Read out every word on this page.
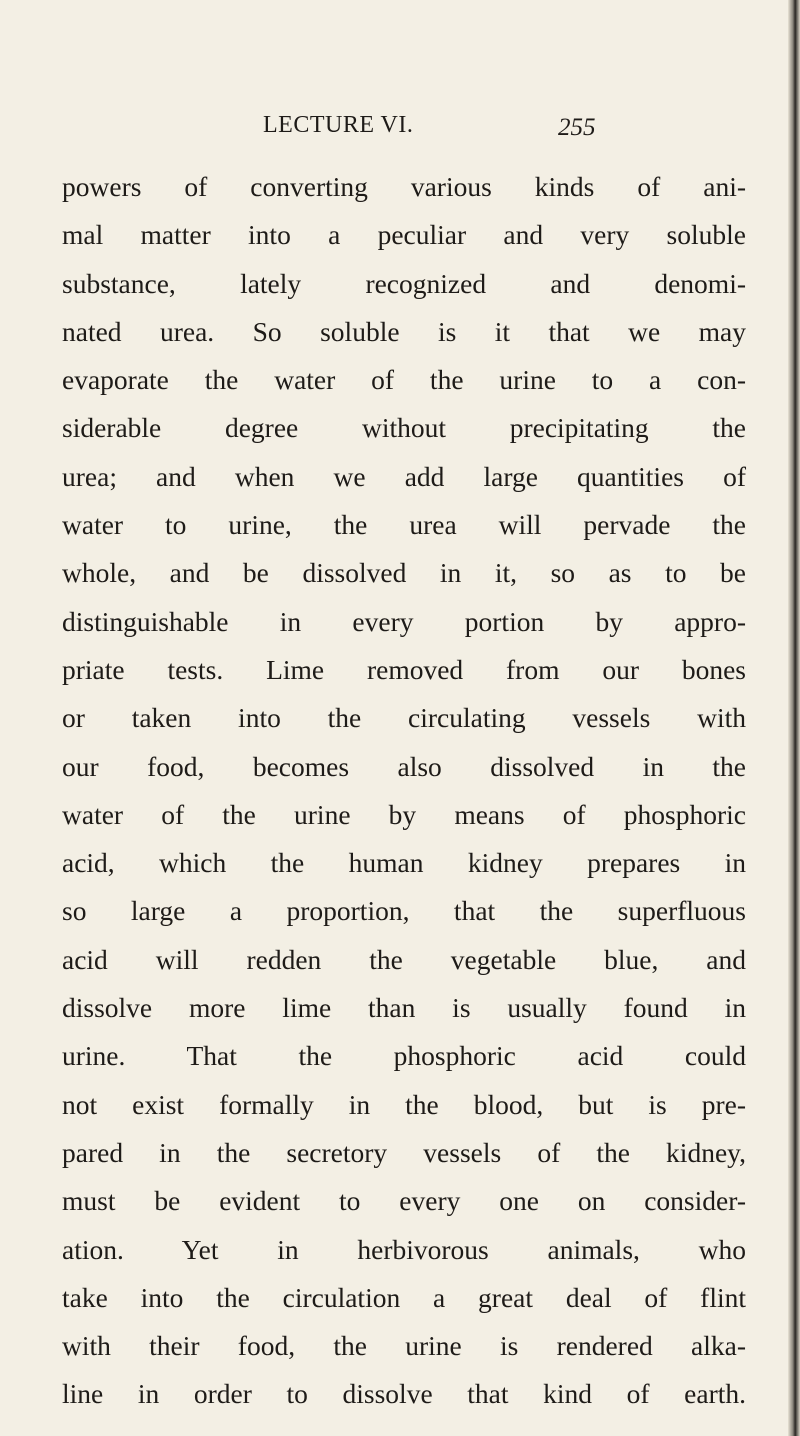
LECTURE VI.	255
powers of converting various kinds of ani-
mal matter into a peculiar and very soluble
substance, lately recognized and denomi-
nated urea. So soluble is it that we may
evaporate the water of the urine to a con-
siderable degree without precipitating the
urea; and when we add large quantities of
water to urine, the urea will pervade the
whole, and be dissolved in it, so as to be
distinguishable in every portion by appro-
priate tests. Lime removed from our bones
or taken into the circulating vessels with
our food, becomes also dissolved in the
water of the urine by means of phosphoric
acid, which the human kidney prepares in
so large a proportion, that the superfluous
acid will redden the vegetable blue, and
dissolve more lime than is usually found in
urine. That the phosphoric acid could
not exist formally in the blood, but is pre-
pared in the secretory vessels of the kidney,
must be evident to every one on consider-
ation. Yet in herbivorous animals, who
take into the circulation a great deal of flint
with their food, the urine is rendered alka-
line in order to dissolve that kind of earth.
